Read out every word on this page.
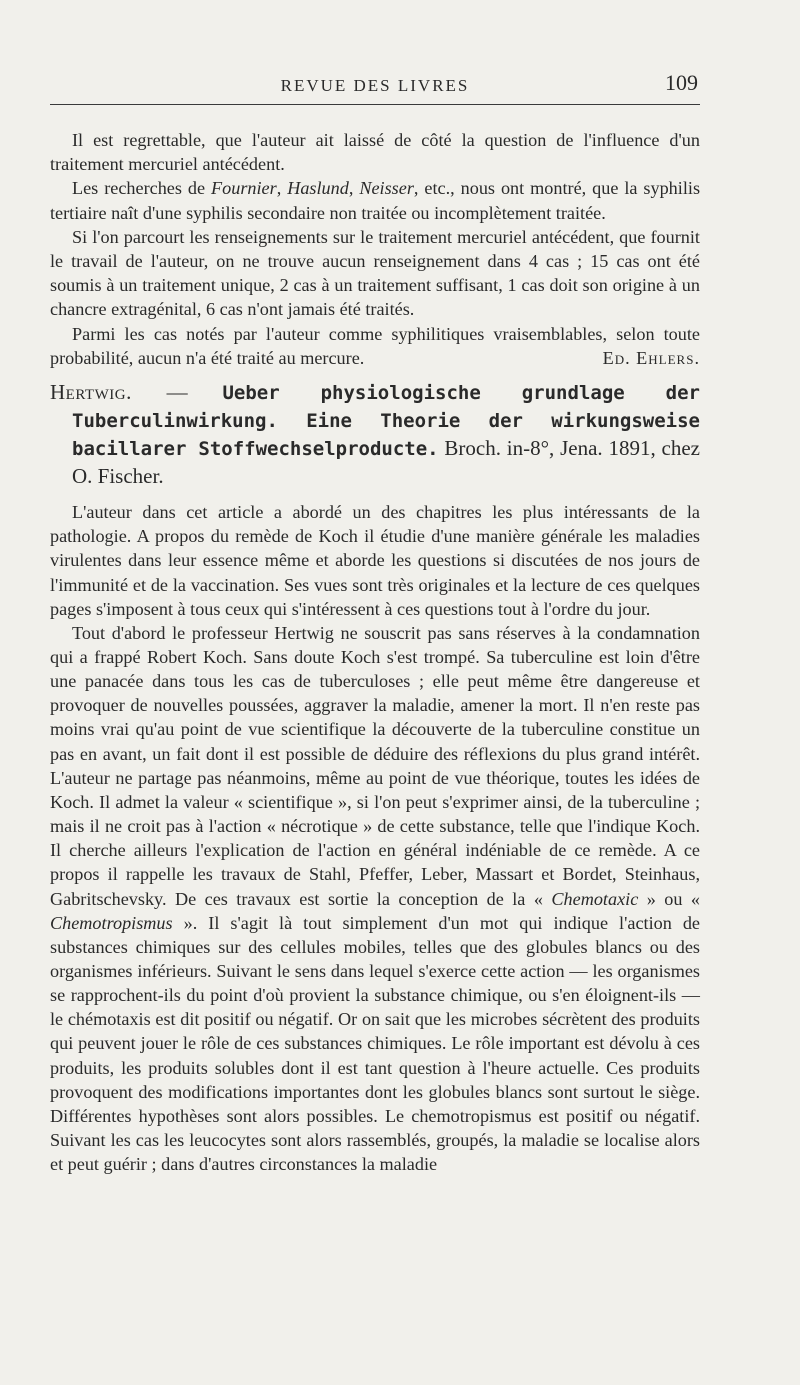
REVUE DES LIVRES	109

Il est regrettable, que l'auteur ait laissé de côté la question de l'influence d'un traitement mercuriel antécédent.

Les recherches de Fournier, Haslund, Neisser, etc., nous ont montré, que la syphilis tertiaire naît d'une syphilis secondaire non traitée ou incomplètement traitée.

Si l'on parcourt les renseignements sur le traitement mercuriel antécédent, que fournit le travail de l'auteur, on ne trouve aucun renseignement dans 4 cas ; 15 cas ont été soumis à un traitement unique, 2 cas à un traitement suffisant, 1 cas doit son origine à un chancre extragénital, 6 cas n'ont jamais été traités.

Parmi les cas notés par l'auteur comme syphilitiques vraisemblables, selon toute probabilité, aucun n'a été traité au mercure.	Ed. Ehlers.

Hertwig. — Ueber physiologische grundlage der Tuberculinwirkung. Eine Theorie der wirkungsweise bacillarer Stoffwechselproducte. Broch. in-8°, Jena. 1891, chez O. Fischer.

L'auteur dans cet article a abordé un des chapitres les plus intéressants de la pathologie. A propos du remède de Koch il étudie d'une manière générale les maladies virulentes dans leur essence même et aborde les questions si discutées de nos jours de l'immunité et de la vaccination. Ses vues sont très originales et la lecture de ces quelques pages s'imposent à tous ceux qui s'intéressent à ces questions tout à l'ordre du jour.

Tout d'abord le professeur Hertwig ne souscrit pas sans réserves à la condamnation qui a frappé Robert Koch. Sans doute Koch s'est trompé. Sa tuberculine est loin d'être une panacée dans tous les cas de tuberculoses ; elle peut même être dangereuse et provoquer de nouvelles poussées, aggraver la maladie, amener la mort. Il n'en reste pas moins vrai qu'au point de vue scientifique la découverte de la tuberculine constitue un pas en avant, un fait dont il est possible de déduire des réflexions du plus grand intérêt. L'auteur ne partage pas néanmoins, même au point de vue théorique, toutes les idées de Koch. Il admet la valeur « scientifique », si l'on peut s'exprimer ainsi, de la tuberculine ; mais il ne croit pas à l'action « nécrotique » de cette substance, telle que l'indique Koch. Il cherche ailleurs l'explication de l'action en général indéniable de ce remède. A ce propos il rappelle les travaux de Stahl, Pfeffer, Leber, Massart et Bordet, Steinhaus, Gabritschevsky. De ces travaux est sortie la conception de la « Chemotaxic » ou « Chemotropismus ». Il s'agit là tout simplement d'un mot qui indique l'action de substances chimiques sur des cellules mobiles, telles que des globules blancs ou des organismes inférieurs. Suivant le sens dans lequel s'exerce cette action — les organismes se rapprochent-ils du point d'où provient la substance chimique, ou s'en éloignent-ils — le chémotaxis est dit positif ou négatif. Or on sait que les microbes sécrètent des produits qui peuvent jouer le rôle de ces substances chimiques. Le rôle important est dévolu à ces produits, les produits solubles dont il est tant question à l'heure actuelle. Ces produits provoquent des modifications importantes dont les globules blancs sont surtout le siège. Différentes hypothèses sont alors possibles. Le chemotropismus est positif ou négatif. Suivant les cas les leucocytes sont alors rassemblés, groupés, la maladie se localise alors et peut guérir ; dans d'autres circonstances la maladie
